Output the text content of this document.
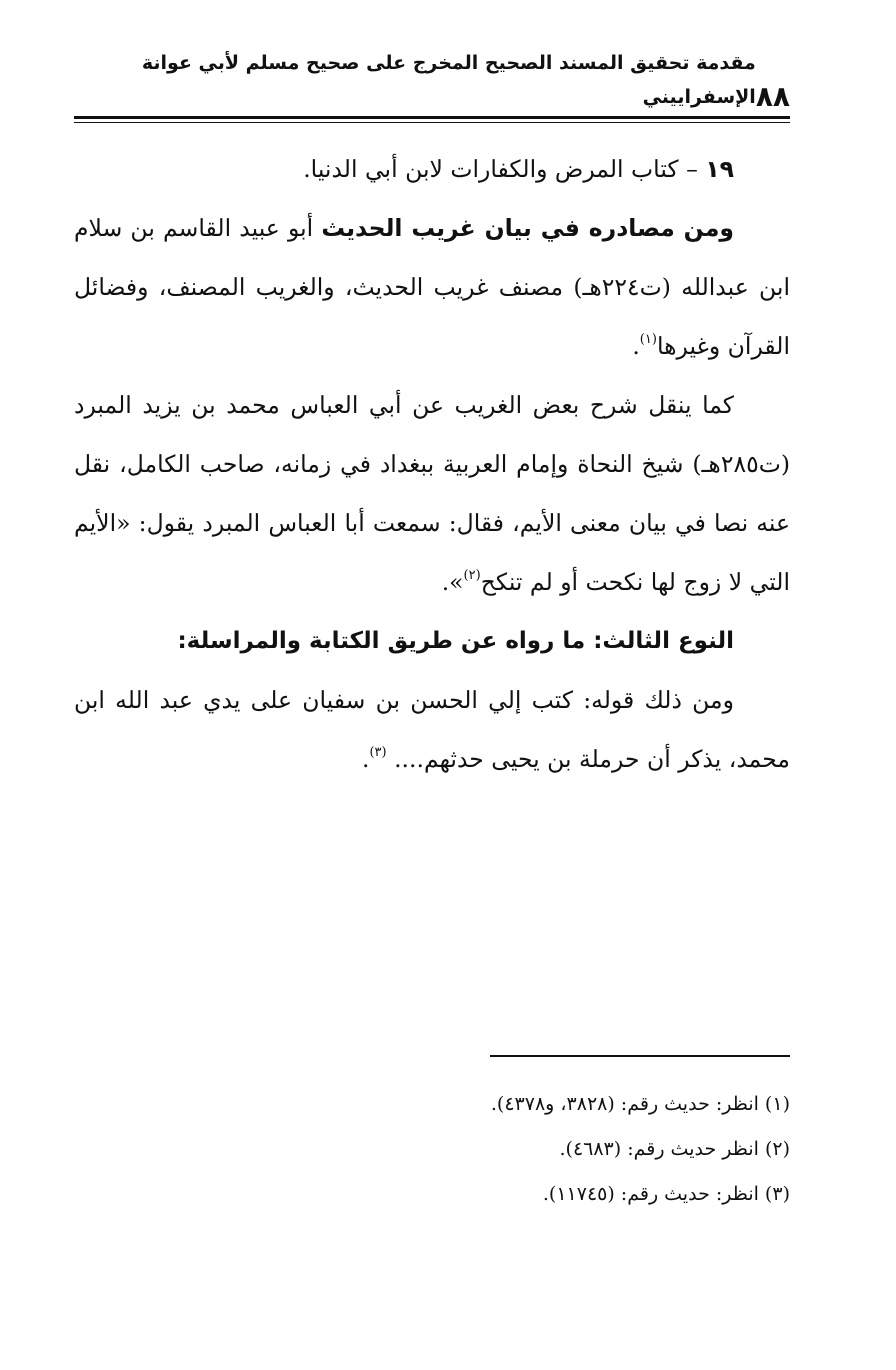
٨٨
مقدمة تحقيق المسند الصحيح المخرج على صحيح مسلم لأبي عوانة الإسفراييني

١٩ – كتاب المرض والكفارات لابن أبي الدنيا.

ومن مصادره في بيان غريب الحديث أبو عبيد القاسم بن سلام ابن عبدالله (ت٢٢٤هـ) مصنف غريب الحديث، والغريب المصنف، وفضائل القرآن وغيرها$^{(١)}$.

كما ينقل شرح بعض الغريب عن أبي العباس محمد بن يزيد المبرد (ت٢٨٥هـ) شيخ النحاة وإمام العربية ببغداد في زمانه، صاحب الكامل، نقل عنه نصا في بيان معنى الأيم، فقال: سمعت أبا العباس المبرد يقول: «الأيم التي لا زوج لها نكحت أو لم تنكح$^{(٢)}$».

النوع الثالث: ما رواه عن طريق الكتابة والمراسلة:

ومن ذلك قوله: كتب إلي الحسن بن سفيان على يدي عبد الله ابن محمد، يذكر أن حرملة بن يحيى حدثهم.... $^{(٣)}$.

(١) انظر: حديث رقم: (٣٨٢٨، و٤٣٧٨).

(٢) انظر حديث رقم: (٤٦٨٣).

(٣) انظر: حديث رقم: (١١٧٤٥).
